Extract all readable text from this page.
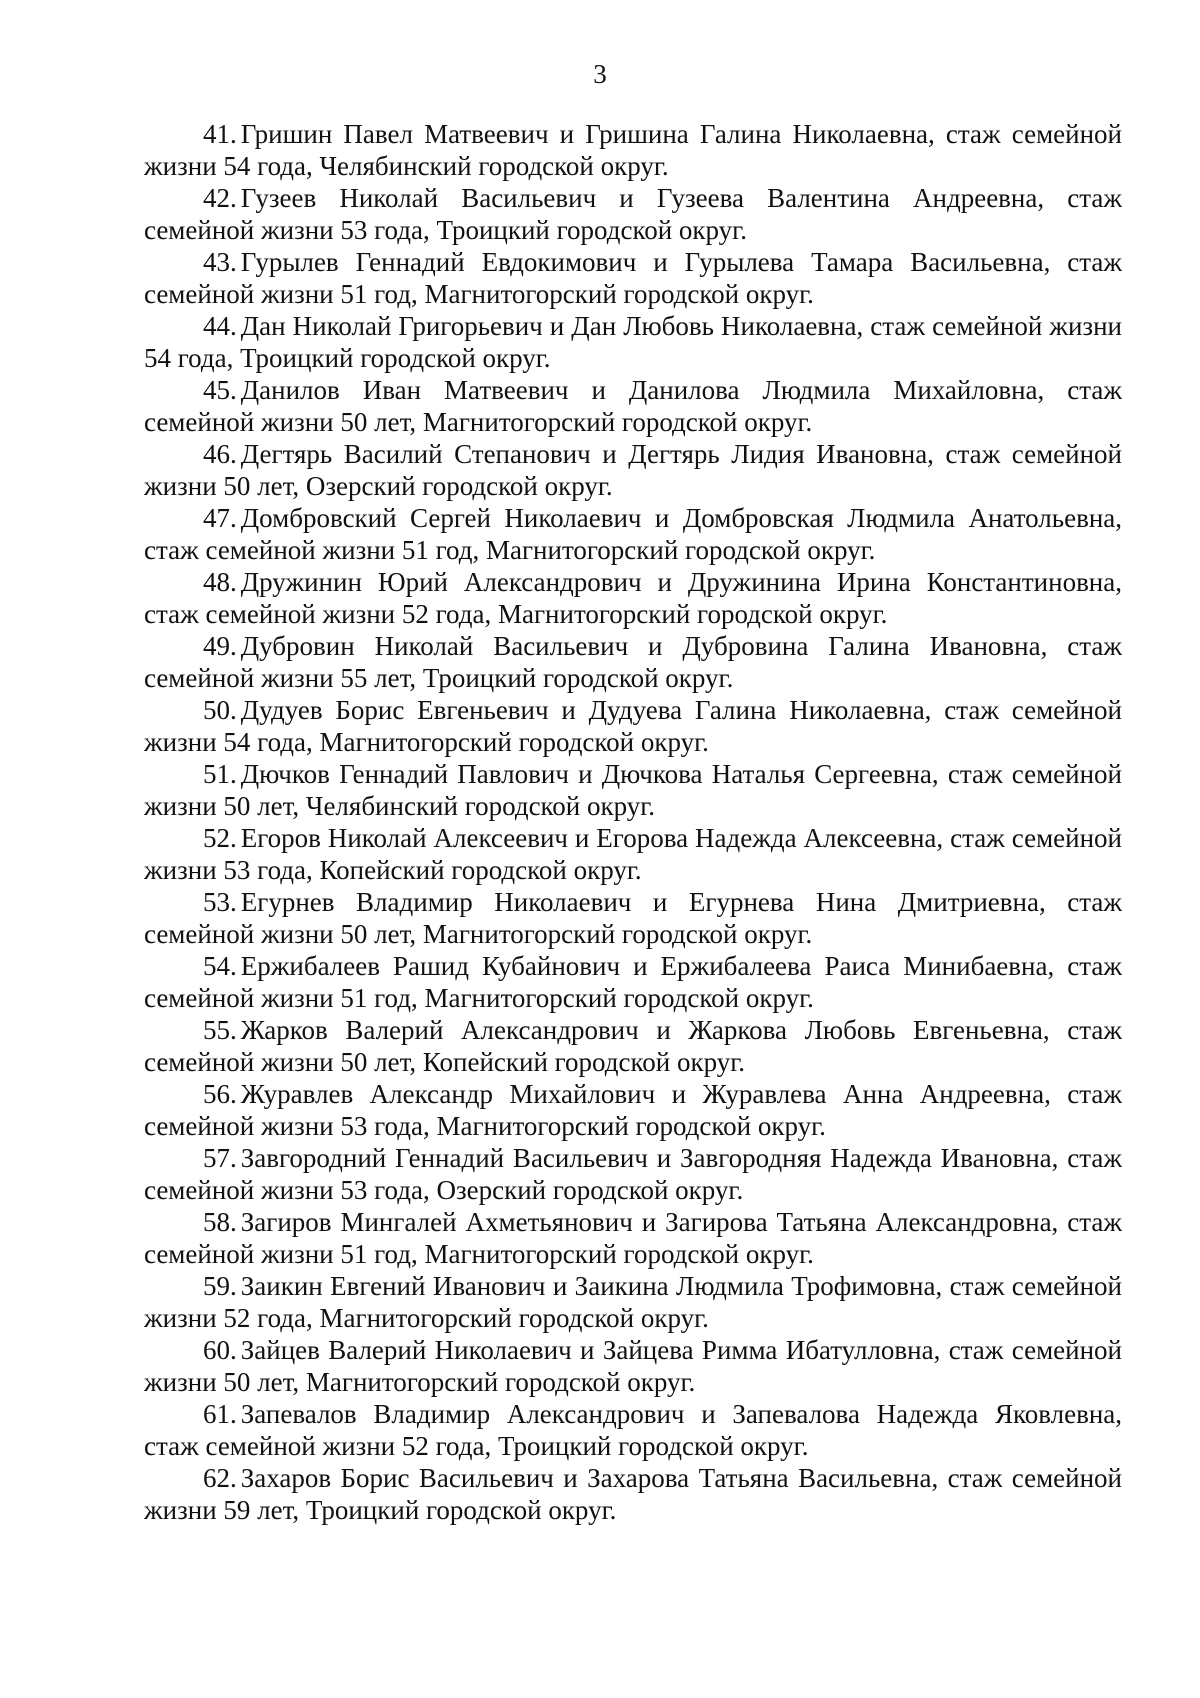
3
41. Гришин Павел Матвеевич и Гришина Галина Николаевна, стаж семейной жизни 54 года, Челябинский городской округ.
42. Гузеев Николай Васильевич и Гузеева Валентина Андреевна, стаж семейной жизни 53 года, Троицкий городской округ.
43. Гурылев Геннадий Евдокимович и Гурылева Тамара Васильевна, стаж семейной жизни 51 год, Магнитогорский городской округ.
44. Дан Николай Григорьевич и Дан Любовь Николаевна, стаж семейной жизни 54 года, Троицкий городской округ.
45. Данилов Иван Матвеевич и Данилова Людмила Михайловна, стаж семейной жизни 50 лет, Магнитогорский городской округ.
46. Дегтярь Василий Степанович и Дегтярь Лидия Ивановна, стаж семейной жизни 50 лет, Озерский городской округ.
47. Домбровский Сергей Николаевич и Домбровская Людмила Анатольевна, стаж семейной жизни 51 год, Магнитогорский городской округ.
48. Дружинин Юрий Александрович и Дружинина Ирина Константиновна, стаж семейной жизни 52 года, Магнитогорский городской округ.
49. Дубровин Николай Васильевич и Дубровина Галина Ивановна, стаж семейной жизни 55 лет, Троицкий городской округ.
50. Дудуев Борис Евгеньевич и Дудуева Галина Николаевна, стаж семейной жизни 54 года, Магнитогорский городской округ.
51. Дючков Геннадий Павлович и Дючкова Наталья Сергеевна, стаж семейной жизни 50 лет, Челябинский городской округ.
52. Егоров Николай Алексеевич и Егорова Надежда Алексеевна, стаж семейной жизни 53 года, Копейский городской округ.
53. Егурнев Владимир Николаевич и Егурнева Нина Дмитриевна, стаж семейной жизни 50 лет, Магнитогорский городской округ.
54. Ержибалеев Рашид Кубайнович и Ержибалеева Раиса Минибаевна, стаж семейной жизни 51 год, Магнитогорский городской округ.
55. Жарков Валерий Александрович и Жаркова Любовь Евгеньевна, стаж семейной жизни 50 лет, Копейский городской округ.
56. Журавлев Александр Михайлович и Журавлева Анна Андреевна, стаж семейной жизни 53 года, Магнитогорский городской округ.
57. Завгородний Геннадий Васильевич и Завгородняя Надежда Ивановна, стаж семейной жизни 53 года, Озерский городской округ.
58. Загиров Мингалей Ахметьянович и Загирова Татьяна Александровна, стаж семейной жизни 51 год, Магнитогорский городской округ.
59. Заикин Евгений Иванович и Заикина Людмила Трофимовна, стаж семейной жизни 52 года, Магнитогорский городской округ.
60. Зайцев Валерий Николаевич и Зайцева Римма Ибатулловна, стаж семейной жизни 50 лет, Магнитогорский городской округ.
61. Запевалов Владимир Александрович и Запевалова Надежда Яковлевна, стаж семейной жизни 52 года, Троицкий городской округ.
62. Захаров Борис Васильевич и Захарова Татьяна Васильевна, стаж семейной жизни 59 лет, Троицкий городской округ.
